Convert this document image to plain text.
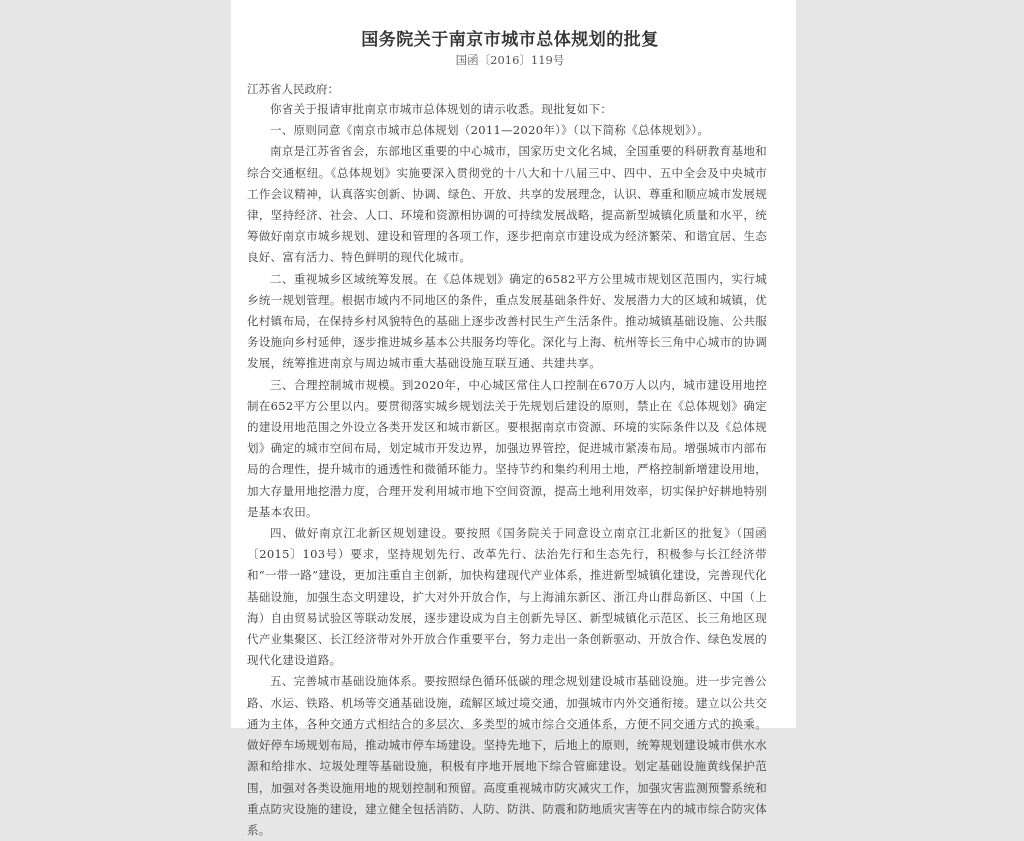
国务院关于南京市城市总体规划的批复
国函〔2016〕119号

江苏省人民政府：

你省关于报请审批南京市城市总体规划的请示收悉。现批复如下：

一、原则同意《南京市城市总体规划（2011—2020年）》（以下简称《总体规划》）。

南京是江苏省省会，东部地区重要的中心城市，国家历史文化名城，全国重要的科研教育基地和综合交通枢纽。《总体规划》实施要深入贯彻党的十八大和十八届三中、四中、五中全会及中央城市工作会议精神，认真落实创新、协调、绿色、开放、共享的发展理念，认识、尊重和顺应城市发展规律，坚持经济、社会、人口、环境和资源相协调的可持续发展战略，提高新型城镇化质量和水平，统筹做好南京市城乡规划、建设和管理的各项工作，逐步把南京市建设成为经济繁荣、和谐宜居、生态良好、富有活力、特色鲜明的现代化城市。

二、重视城乡区域统筹发展。在《总体规划》确定的6582平方公里城市规划区范围内，实行城乡统一规划管理。根据市域内不同地区的条件，重点发展基础条件好、发展潜力大的区域和城镇，优化村镇布局，在保持乡村风貌特色的基础上逐步改善村民生产生活条件。推动城镇基础设施、公共服务设施向乡村延伸，逐步推进城乡基本公共服务均等化。深化与上海、杭州等长三角中心城市的协调发展，统筹推进南京与周边城市重大基础设施互联互通、共建共享。

三、合理控制城市规模。到2020年，中心城区常住人口控制在670万人以内，城市建设用地控制在652平方公里以内。要贯彻落实城乡规划法关于先规划后建设的原则，禁止在《总体规划》确定的建设用地范围之外设立各类开发区和城市新区。要根据南京市资源、环境的实际条件以及《总体规划》确定的城市空间布局，划定城市开发边界，加强边界管控，促进城市紧凑布局。增强城市内部布局的合理性，提升城市的通透性和微循环能力。坚持节约和集约利用土地，严格控制新增建设用地，加大存量用地挖潜力度，合理开发利用城市地下空间资源，提高土地利用效率，切实保护好耕地特别是基本农田。

四、做好南京江北新区规划建设。要按照《国务院关于同意设立南京江北新区的批复》（国函〔2015〕103号）要求，坚持规划先行、改革先行、法治先行和生态先行，积极参与长江经济带和“一带一路”建设，更加注重自主创新，加快构建现代产业体系，推进新型城镇化建设，完善现代化基础设施，加强生态文明建设，扩大对外开放合作，与上海浦东新区、浙江舟山群岛新区、中国（上海）自由贸易试验区等联动发展，逐步建设成为自主创新先导区、新型城镇化示范区、长三角地区现代产业集聚区、长江经济带对外开放合作重要平台，努力走出一条创新驱动、开放合作、绿色发展的现代化建设道路。

五、完善城市基础设施体系。要按照绿色循环低碳的理念规划建设城市基础设施。进一步完善公路、水运、铁路、机场等交通基础设施，疏解区域过境交通，加强城市内外交通衔接。建立以公共交通为主体，各种交通方式相结合的多层次、多类型的城市综合交通体系，方便不同交通方式的换乘。做好停车场规划布局，推动城市停车场建设。坚持先地下，后地上的原则，统筹规划建设城市供水水源和给排水、垃圾处理等基础设施，积极有序地开展地下综合管廊建设。划定基础设施黄线保护范围，加强对各类设施用地的规划控制和预留。高度重视城市防灾减灾工作，加强灾害监测预警系统和重点防灾设施的建设，建立健全包括消防、人防、防洪、防震和防地质灾害等在内的城市综合防灾体系。
